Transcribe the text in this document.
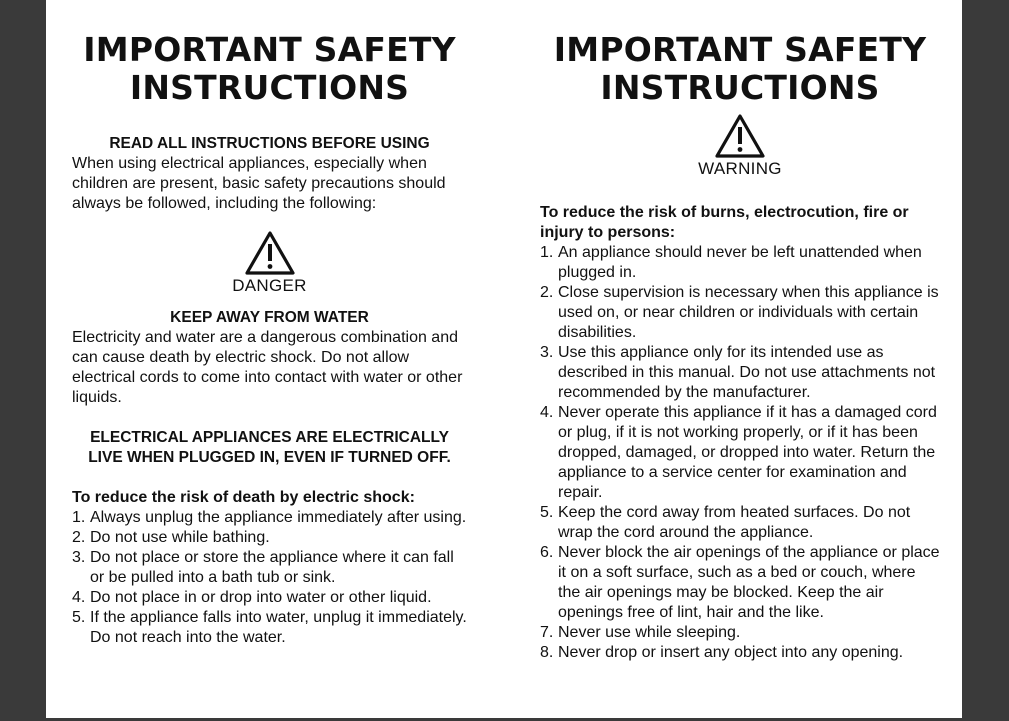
IMPORTANT SAFETY
INSTRUCTIONS
READ ALL INSTRUCTIONS BEFORE USING
When using electrical appliances, especially when children are present, basic safety precautions should always be followed, including the following:
DANGER
KEEP AWAY FROM WATER
Electricity and water are a dangerous combination and can cause death by electric shock. Do not allow electrical cords to come into contact with water or other liquids.
ELECTRICAL APPLIANCES ARE ELECTRICALLY
LIVE WHEN PLUGGED IN, EVEN IF TURNED OFF.
To reduce the risk of death by electric shock:
1. Always unplug the appliance immediately after using.
2. Do not use while bathing.
3. Do not place or store the appliance where it can fall or be pulled into a bath tub or sink.
4. Do not place in or drop into water or other liquid.
5. If the appliance falls into water, unplug it immediately. Do not reach into the water.
IMPORTANT SAFETY
INSTRUCTIONS
WARNING
To reduce the risk of burns, electrocution, fire or injury to persons:
1. An appliance should never be left unattended when plugged in.
2. Close supervision is necessary when this appliance is used on, or near children or individuals with certain disabilities.
3. Use this appliance only for its intended use as described in this manual. Do not use attachments not recommended by the manufacturer.
4. Never operate this appliance if it has a damaged cord or plug, if it is not working properly, or if it has been dropped, damaged, or dropped into water. Return the appliance to a service center for examination and repair.
5. Keep the cord away from heated surfaces. Do not wrap the cord around the appliance.
6. Never block the air openings of the appliance or place it on a soft surface, such as a bed or couch, where the air openings may be blocked. Keep the air openings free of lint, hair and the like.
7. Never use while sleeping.
8. Never drop or insert any object into any opening.
